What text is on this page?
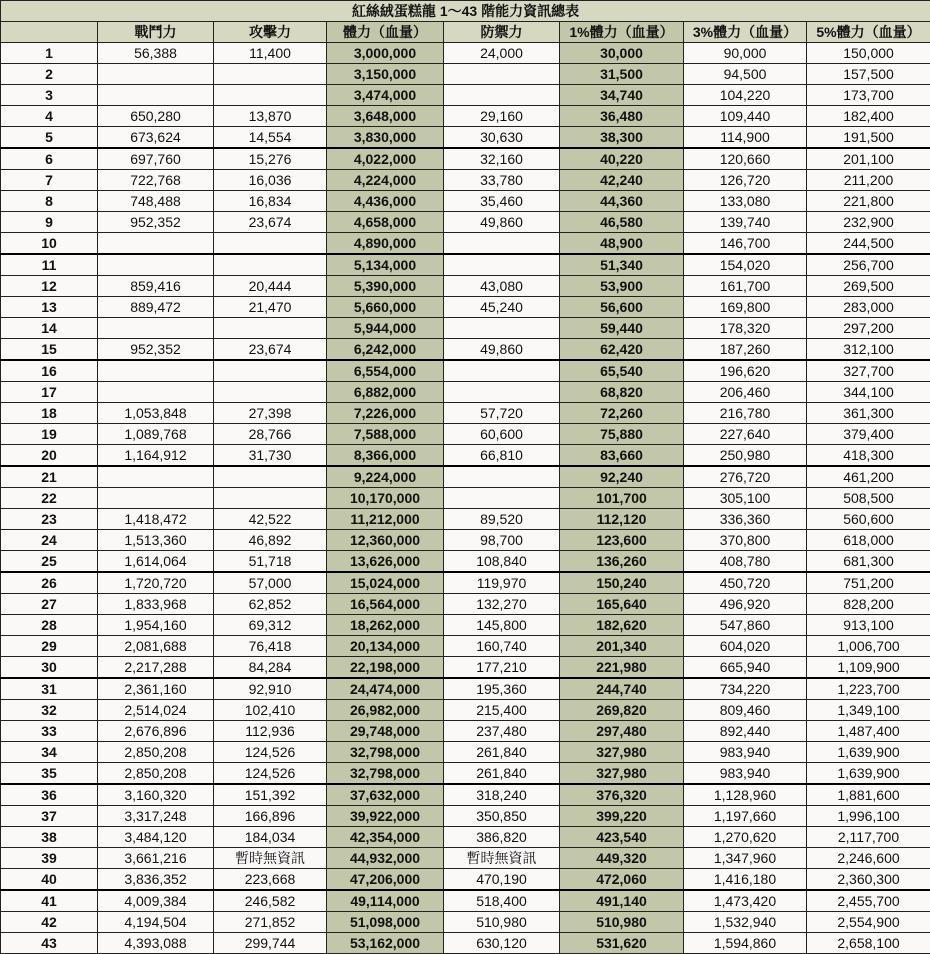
紅絲絨蛋糕龍 1～43 階能力資訊總表							
	戰鬥力	攻擊力	體力（血量）	防禦力	1%體力（血量）	3%體力（血量）	5%體力（血量）
1	56,388	11,400	3,000,000	24,000	30,000	90,000	150,000
2			3,150,000		31,500	94,500	157,500
3			3,474,000		34,740	104,220	173,700
4	650,280	13,870	3,648,000	29,160	36,480	109,440	182,400
5	673,624	14,554	3,830,000	30,630	38,300	114,900	191,500
6	697,760	15,276	4,022,000	32,160	40,220	120,660	201,100
7	722,768	16,036	4,224,000	33,780	42,240	126,720	211,200
8	748,488	16,834	4,436,000	35,460	44,360	133,080	221,800
9	952,352	23,674	4,658,000	49,860	46,580	139,740	232,900
10			4,890,000		48,900	146,700	244,500
11			5,134,000		51,340	154,020	256,700
12	859,416	20,444	5,390,000	43,080	53,900	161,700	269,500
13	889,472	21,470	5,660,000	45,240	56,600	169,800	283,000
14			5,944,000		59,440	178,320	297,200
15	952,352	23,674	6,242,000	49,860	62,420	187,260	312,100
16			6,554,000		65,540	196,620	327,700
17			6,882,000		68,820	206,460	344,100
18	1,053,848	27,398	7,226,000	57,720	72,260	216,780	361,300
19	1,089,768	28,766	7,588,000	60,600	75,880	227,640	379,400
20	1,164,912	31,730	8,366,000	66,810	83,660	250,980	418,300
21			9,224,000		92,240	276,720	461,200
22			10,170,000		101,700	305,100	508,500
23	1,418,472	42,522	11,212,000	89,520	112,120	336,360	560,600
24	1,513,360	46,892	12,360,000	98,700	123,600	370,800	618,000
25	1,614,064	51,718	13,626,000	108,840	136,260	408,780	681,300
26	1,720,720	57,000	15,024,000	119,970	150,240	450,720	751,200
27	1,833,968	62,852	16,564,000	132,270	165,640	496,920	828,200
28	1,954,160	69,312	18,262,000	145,800	182,620	547,860	913,100
29	2,081,688	76,418	20,134,000	160,740	201,340	604,020	1,006,700
30	2,217,288	84,284	22,198,000	177,210	221,980	665,940	1,109,900
31	2,361,160	92,910	24,474,000	195,360	244,740	734,220	1,223,700
32	2,514,024	102,410	26,982,000	215,400	269,820	809,460	1,349,100
33	2,676,896	112,936	29,748,000	237,480	297,480	892,440	1,487,400
34	2,850,208	124,526	32,798,000	261,840	327,980	983,940	1,639,900
35	2,850,208	124,526	32,798,000	261,840	327,980	983,940	1,639,900
36	3,160,320	151,392	37,632,000	318,240	376,320	1,128,960	1,881,600
37	3,317,248	166,896	39,922,000	350,850	399,220	1,197,660	1,996,100
38	3,484,120	184,034	42,354,000	386,820	423,540	1,270,620	2,117,700
39	3,661,216	暫時無資訊	44,932,000	暫時無資訊	449,320	1,347,960	2,246,600
40	3,836,352	223,668	47,206,000	470,190	472,060	1,416,180	2,360,300
41	4,009,384	246,582	49,114,000	518,400	491,140	1,473,420	2,455,700
42	4,194,504	271,852	51,098,000	510,980	510,980	1,532,940	2,554,900
43	4,393,088	299,744	53,162,000	630,120	531,620	1,594,860	2,658,100
